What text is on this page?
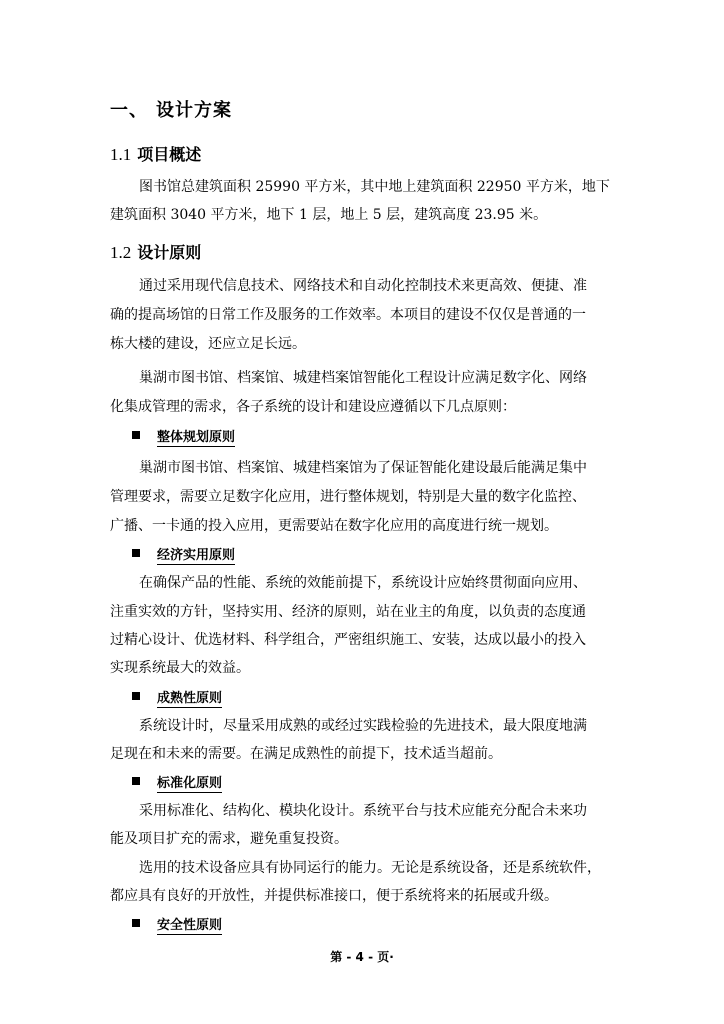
一、 设计方案
1.1 项目概述
图书馆总建筑面积 25990 平方米，其中地上建筑面积 22950 平方米，地下
建筑面积 3040 平方米，地下 1 层，地上 5 层，建筑高度 23.95 米。
1.2 设计原则
通过采用现代信息技术、网络技术和自动化控制技术来更高效、便捷、准
确的提高场馆的日常工作及服务的工作效率。本项目的建设不仅仅是普通的一
栋大楼的建设，还应立足长远。
巢湖市图书馆、档案馆、城建档案馆智能化工程设计应满足数字化、网络
化集成管理的需求，各子系统的设计和建设应遵循以下几点原则：
整体规划原则
巢湖市图书馆、档案馆、城建档案馆为了保证智能化建设最后能满足集中
管理要求，需要立足数字化应用，进行整体规划，特别是大量的数字化监控、
广播、一卡通的投入应用，更需要站在数字化应用的高度进行统一规划。
经济实用原则
在确保产品的性能、系统的效能前提下，系统设计应始终贯彻面向应用、
注重实效的方针，坚持实用、经济的原则，站在业主的角度，以负责的态度通
过精心设计、优选材料、科学组合，严密组织施工、安装，达成以最小的投入
实现系统最大的效益。
成熟性原则
系统设计时，尽量采用成熟的或经过实践检验的先进技术，最大限度地满
足现在和未来的需要。在满足成熟性的前提下，技术适当超前。
标准化原则
采用标准化、结构化、模块化设计。系统平台与技术应能充分配合未来功
能及项目扩充的需求，避免重复投资。
选用的技术设备应具有协同运行的能力。无论是系统设备，还是系统软件，
都应具有良好的开放性，并提供标准接口，便于系统将来的拓展或升级。
安全性原则
第 - 4 - 页·
